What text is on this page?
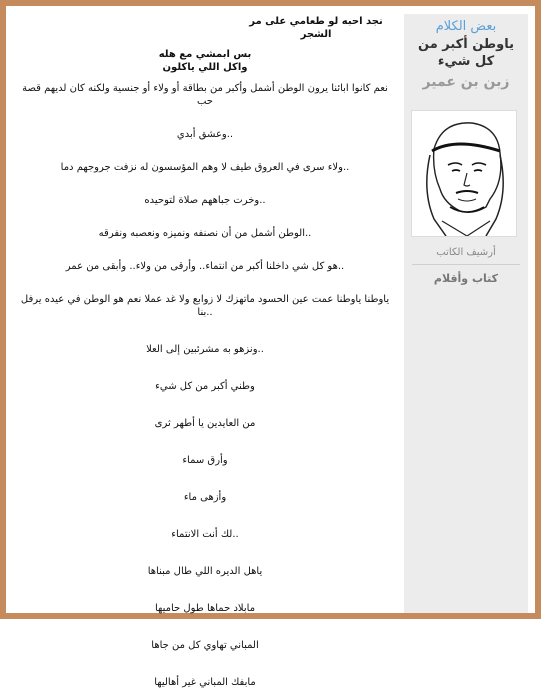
بعض الكلام
ياوطن أكبر من كل شيء
زبن بن عمير
أرشيف الكاتب
كتاب وأقلام
نجد احبه لو طعامي على مر الشجر
بس ابمشي مع هله
واكل اللي ياكلون
نعم كانوا ابائنا يرون الوطن أشمل وأكبر من بطاقة أو ولاء أو جنسية ولكنه كان لديهم قصة حب
..وعشق أبدي
..ولاء سرى في العروق طيف لا وهم المؤسسون له نزفت جروجهم دما
..وخرت جباههم صلاة لتوحيده
..الوطن أشمل من أن نصنفه ونميزه ونعصبه ونفرقه
..هو كل شي داخلنا أكبر من انتماء.. وأرقى من ولاء.. وأبقى من عمر
ياوطنا ياوطنا عمت عين الحسود ماتهزك لا زوابع ولا غد عملا نعم هو الوطن في عيده يرفل ..بنا
..ونزهو به مشرئبين إلى العلا
وطني أكبر من كل شيء
من العايدين يا أطهر ثرى
وأرق سماء
وأزهى ماء
..لك أنت الانتماء
ياهل الديره اللي طال مبناها
مابلاد حماها طول حاميها
المباني تهاوي كل من جاها
مابفك المباني غير أهاليها
